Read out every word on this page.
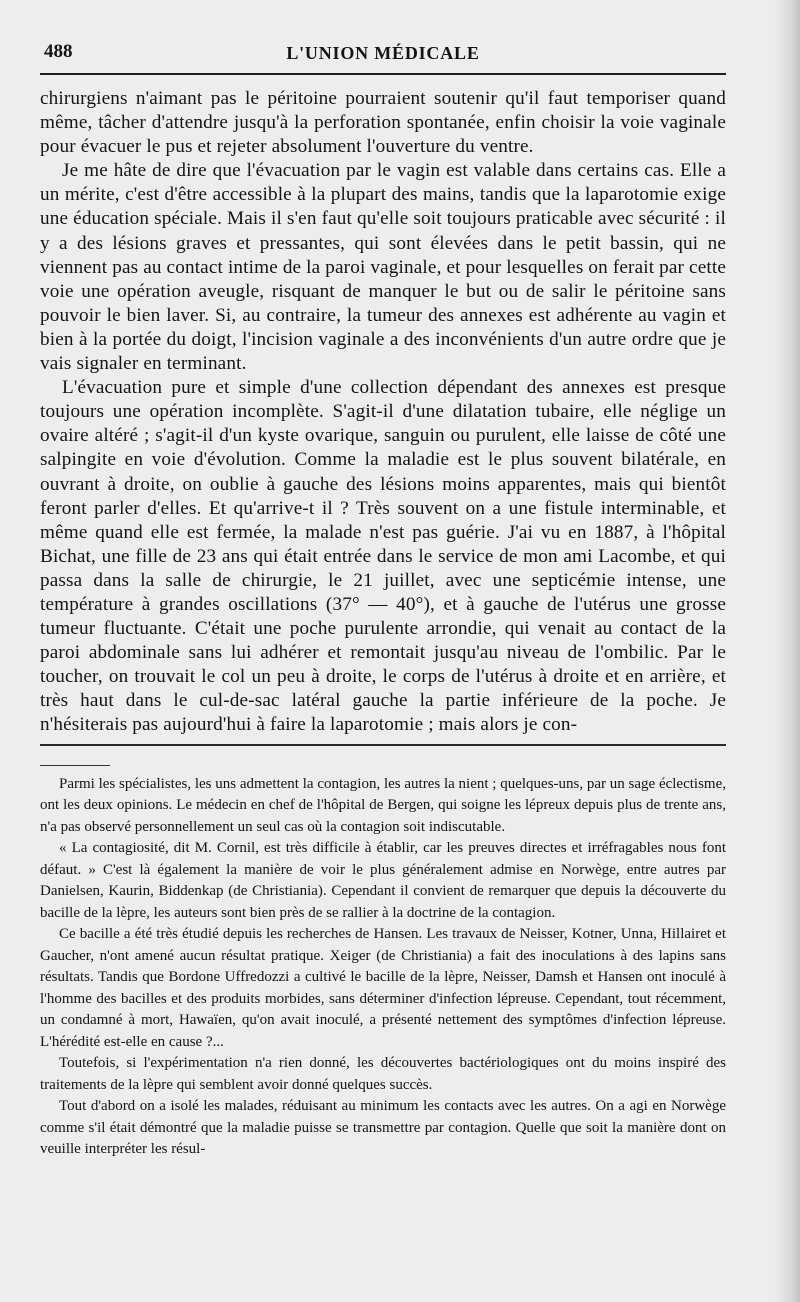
488	L'UNION MÉDICALE

chirurgiens n'aimant pas le péritoine pourraient soutenir qu'il faut temporiser quand même, tâcher d'attendre jusqu'à la perforation spontanée, enfin choisir la voie vaginale pour évacuer le pus et rejeter absolument l'ouverture du ventre.

Je me hâte de dire que l'évacuation par le vagin est valable dans certains cas. Elle a un mérite, c'est d'être accessible à la plupart des mains, tandis que la laparotomie exige une éducation spéciale. Mais il s'en faut qu'elle soit toujours praticable avec sécurité : il y a des lésions graves et pressantes, qui sont élevées dans le petit bassin, qui ne viennent pas au contact intime de la paroi vaginale, et pour lesquelles on ferait par cette voie une opération aveugle, risquant de manquer le but ou de salir le péritoine sans pouvoir le bien laver. Si, au contraire, la tumeur des annexes est adhérente au vagin et bien à la portée du doigt, l'incision vaginale a des inconvénients d'un autre ordre que je vais signaler en terminant.

L'évacuation pure et simple d'une collection dépendant des annexes est presque toujours une opération incomplète. S'agit-il d'une dilatation tubaire, elle néglige un ovaire altéré ; s'agit-il d'un kyste ovarique, sanguin ou purulent, elle laisse de côté une salpingite en voie d'évolution. Comme la maladie est le plus souvent bilatérale, en ouvrant à droite, on oublie à gauche des lésions moins apparentes, mais qui bientôt feront parler d'elles. Et qu'arrive-t il ? Très souvent on a une fistule interminable, et même quand elle est fermée, la malade n'est pas guérie. J'ai vu en 1887, à l'hôpital Bichat, une fille de 23 ans qui était entrée dans le service de mon ami Lacombe, et qui passa dans la salle de chirurgie, le 21 juillet, avec une septicémie intense, une température à grandes oscillations (37° — 40°), et à gauche de l'utérus une grosse tumeur fluctuante. C'était une poche purulente arrondie, qui venait au contact de la paroi abdominale sans lui adhérer et remontait jusqu'au niveau de l'ombilic. Par le toucher, on trouvait le col un peu à droite, le corps de l'utérus à droite et en arrière, et très haut dans le cul-de-sac latéral gauche la partie inférieure de la poche. Je n'hésiterais pas aujourd'hui à faire la laparotomie ; mais alors je con-

Parmi les spécialistes, les uns admettent la contagion, les autres la nient ; quelques-uns, par un sage éclectisme, ont les deux opinions. Le médecin en chef de l'hôpital de Bergen, qui soigne les lépreux depuis plus de trente ans, n'a pas observé personnellement un seul cas où la contagion soit indiscutable.

« La contagiosité, dit M. Cornil, est très difficile à établir, car les preuves directes et irréfragables nous font défaut. » C'est là également la manière de voir le plus généralement admise en Norwège, entre autres par Danielsen, Kaurin, Biddenkap (de Christiania). Cependant il convient de remarquer que depuis la découverte du bacille de la lèpre, les auteurs sont bien près de se rallier à la doctrine de la contagion.

Ce bacille a été très étudié depuis les recherches de Hansen. Les travaux de Neisser, Kotner, Unna, Hillairet et Gaucher, n'ont amené aucun résultat pratique. Xeiger (de Christiania) a fait des inoculations à des lapins sans résultats. Tandis que Bordone Uffredozzi a cultivé le bacille de la lèpre, Neisser, Damsh et Hansen ont inoculé à l'homme des bacilles et des produits morbides, sans déterminer d'infection lépreuse. Cependant, tout récemment, un condamné à mort, Hawaïen, qu'on avait inoculé, a présenté nettement des symptômes d'infection lépreuse. L'hérédité est-elle en cause ?...

Toutefois, si l'expérimentation n'a rien donné, les découvertes bactériologiques ont du moins inspiré des traitements de la lèpre qui semblent avoir donné quelques succès.

Tout d'abord on a isolé les malades, réduisant au minimum les contacts avec les autres. On a agi en Norwège comme s'il était démontré que la maladie puisse se transmettre par contagion. Quelle que soit la manière dont on veuille interpréter les résul-
